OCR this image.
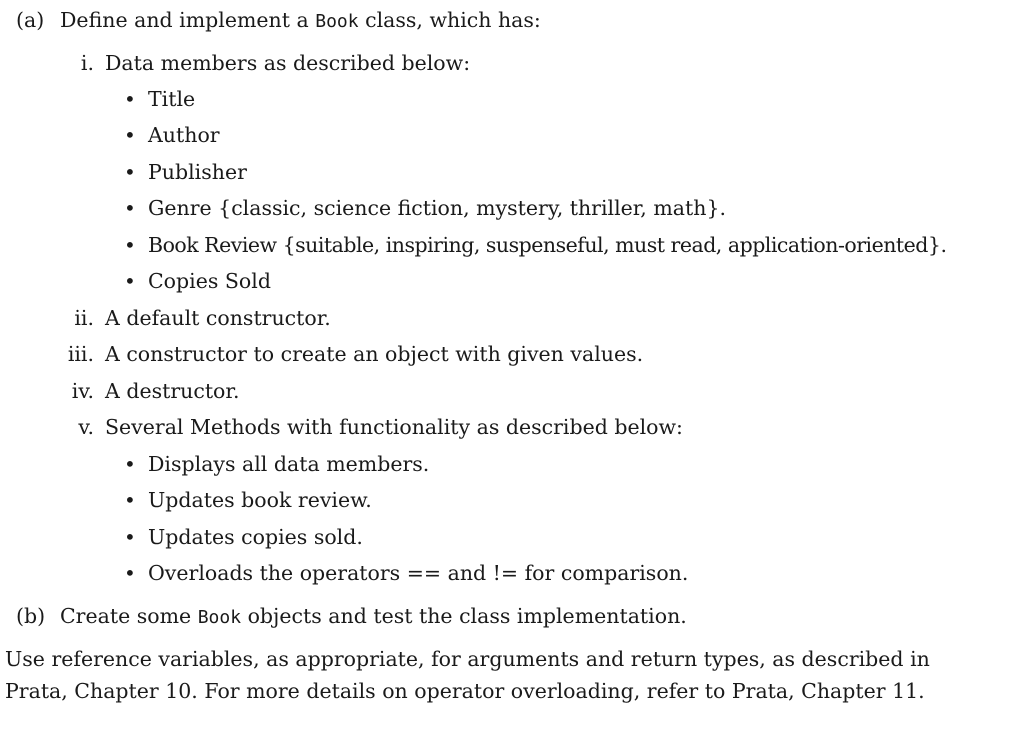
(a) Define and implement a Book class, which has:
i. Data members as described below:
• Title
• Author
• Publisher
• Genre {classic, science fiction, mystery, thriller, math}.
• Book Review {suitable, inspiring, suspenseful, must read, application-oriented}.
• Copies Sold
ii. A default constructor.
iii. A constructor to create an object with given values.
iv. A destructor.
v. Several Methods with functionality as described below:
• Displays all data members.
• Updates book review.
• Updates copies sold.
• Overloads the operators == and != for comparison.
(b) Create some Book objects and test the class implementation.
Use reference variables, as appropriate, for arguments and return types, as described in
Prata, Chapter 10. For more details on operator overloading, refer to Prata, Chapter 11.
